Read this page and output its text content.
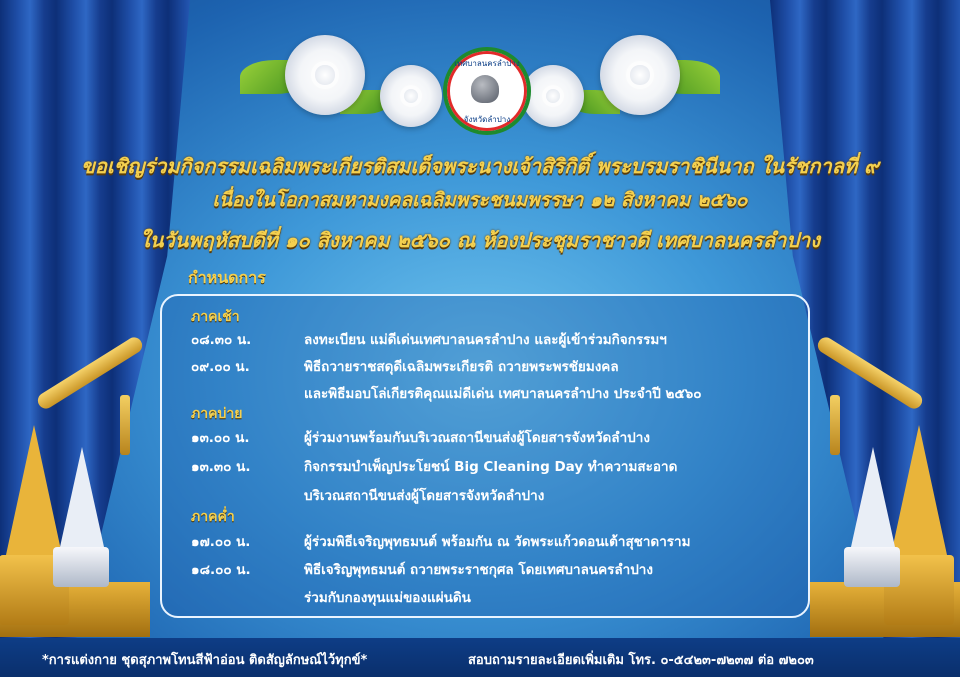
เทศบาลนครลำปาง
จังหวัดลำปาง
ขอเชิญร่วมกิจกรรมเฉลิมพระเกียรติสมเด็จพระนางเจ้าสิริกิติ์ พระบรมราชินีนาถ ในรัชกาลที่ ๙
เนื่องในโอกาสมหามงคลเฉลิมพระชนมพรรษา ๑๒ สิงหาคม ๒๕๖๐
ในวันพฤหัสบดีที่ ๑๐ สิงหาคม ๒๕๖๐ ณ ห้องประชุมราชาวดี เทศบาลนครลำปาง
กำหนดการ
ภาคเช้า
๐๘.๓๐ น.	ลงทะเบียน แม่ดีเด่นเทศบาลนครลำปาง และผู้เข้าร่วมกิจกรรมฯ
๐๙.๐๐ น.	พิธีถวายราชสดุดีเฉลิมพระเกียรติ ถวายพระพรชัยมงคล
และพิธีมอบโล่เกียรติคุณแม่ดีเด่น เทศบาลนครลำปาง ประจำปี ๒๕๖๐
ภาคบ่าย
๑๓.๐๐ น.	ผู้ร่วมงานพร้อมกันบริเวณสถานีขนส่งผู้โดยสารจังหวัดลำปาง
๑๓.๓๐ น.	กิจกรรมบำเพ็ญประโยชน์ Big Cleaning Day ทำความสะอาด
บริเวณสถานีขนส่งผู้โดยสารจังหวัดลำปาง
ภาคค่ำ
๑๗.๐๐ น.	ผู้ร่วมพิธีเจริญพุทธมนต์ พร้อมกัน ณ วัดพระแก้วดอนเต้าสุชาดาราม
๑๘.๐๐ น.	พิธีเจริญพุทธมนต์ ถวายพระราชกุศล โดยเทศบาลนครลำปาง
ร่วมกับกองทุนแม่ของแผ่นดิน
*การแต่งกาย ชุดสุภาพโทนสีฟ้าอ่อน ติดสัญลักษณ์ไว้ทุกข์*	สอบถามรายละเอียดเพิ่มเติม โทร. ๐-๕๔๒๓-๗๒๓๗ ต่อ ๗๒๐๓
